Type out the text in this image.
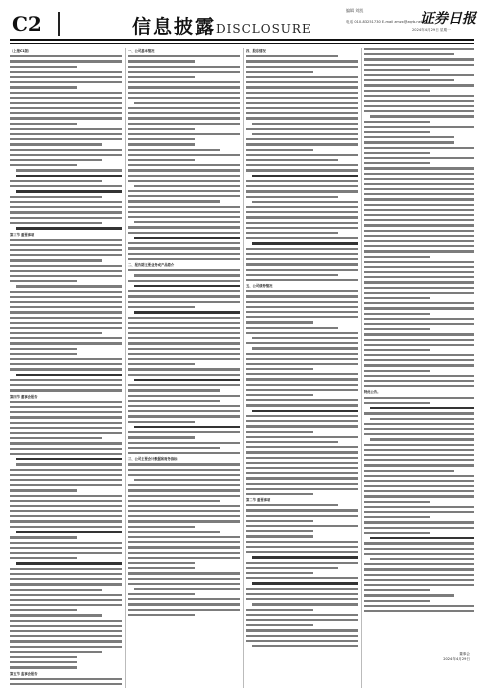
C2	信息披露 DISCLOSURE
编辑 刘凯
电话 010-83251730 E-mail zmzx@zqrb.net
证券日报
2024年4月29日 星期一
（上接C1版）
第三节 重要事项
第四节 董事会报告
第五节 监事会报告
一、公司基本情况
二、报告期主要业务或产品简介
三、公司主要会计数据和财务指标
四、股东情况
五、公司债券情况
第二节 重要事项
特此公告。
董事会
2024年4月29日
